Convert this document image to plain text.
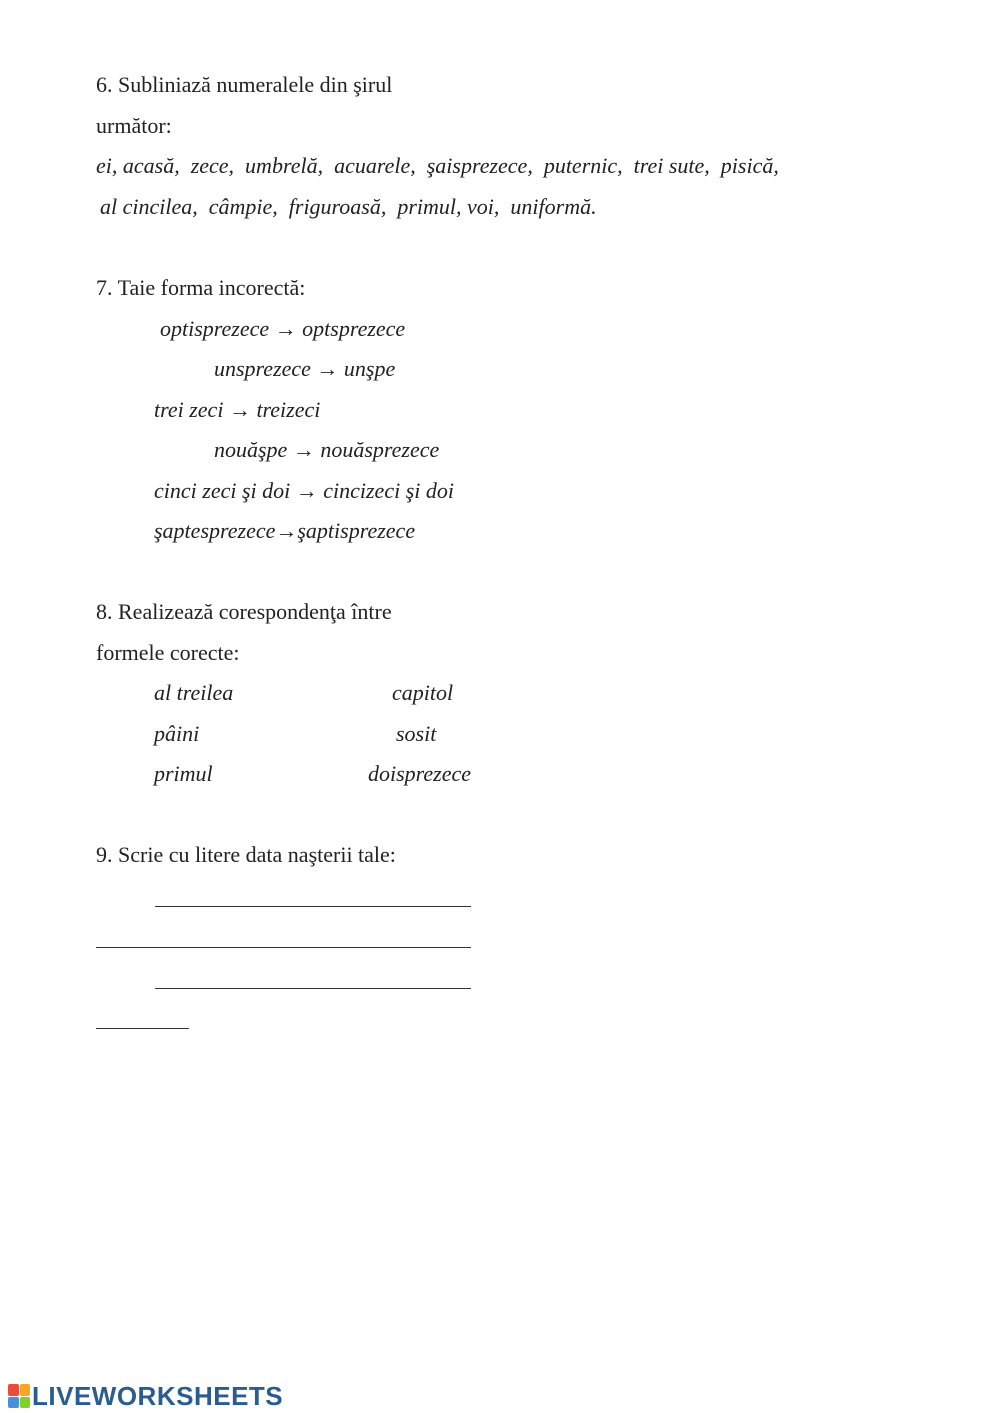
6. Subliniază numeralele din şirul
următor:
ei, acasă,  zece,  umbrelă,  acuarele,  şaisprezece,  puternic,  trei sute,  pisică,
al cincilea,  câmpie,  friguroasă,  primul, voi,  uniformă.
7. Taie forma incorectă:
optisprezece → optsprezece
unsprezece → unşpe
trei zeci → treizeci
nouăşpe → nouăsprezece
cinci zeci şi doi → cincizeci şi doi
şaptesprezece→şaptisprezece
8. Realizează corespondenţa între
formele corecte:
al treilea	capitol
pâini	sosit
primul	doisprezece
9. Scrie cu litere data naşterii tale:
LIVEWORKSHEETS
